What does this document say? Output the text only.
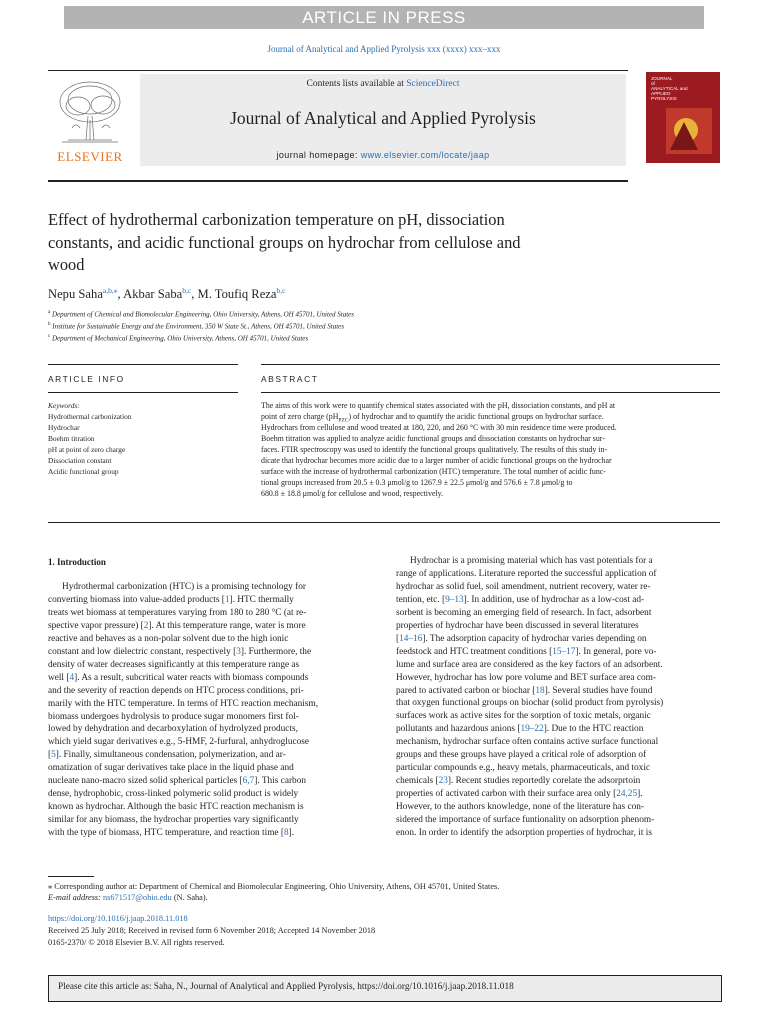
ARTICLE IN PRESS
Journal of Analytical and Applied Pyrolysis xxx (xxxx) xxx–xxx
ELSEVIER
Contents lists available at ScienceDirect
Journal of Analytical and Applied Pyrolysis
journal homepage: www.elsevier.com/locate/jaap
JOURNAL
of
ANALYTICAL and
APPLIED
PYROLYSIS
Effect of hydrothermal carbonization temperature on pH, dissociation
constants, and acidic functional groups on hydrochar from cellulose and
wood
Nepu Saha$^{a,b,⁎}$, Akbar Saba$^{b,c}$, M. Toufiq Reza$^{b,c}$
$^a$ Department of Chemical and Biomolecular Engineering, Ohio University, Athens, OH 45701, United States
$^b$ Institute for Sustainable Energy and the Environment, 350 W State St., Athens, OH 45701, United States
$^c$ Department of Mechanical Engineering, Ohio University, Athens, OH 45701, United States
ARTICLE INFO	ABSTRACT
Keywords:
Hydrothermal carbonization
Hydrochar
Boehm titration
pH at point of zero charge
Dissociation constant
Acidic functional group
The aims of this work were to quantify chemical states associated with the pH, dissociation constants, and pH at
point of zero charge $(pH_{PZC})$ of hydrochar and to quantify the acidic functional groups on hydrochar surface.
Hydrochars from cellulose and wood treated at 180, 220, and 260 °C with 30 min residence time were produced.
Boehm titration was applied to analyze acidic functional groups and dissociation constants on hydrochar sur-
faces. FTIR spectroscopy was used to identify the functional groups qualitatively. The results of this study in-
dicate that hydrochar becomes more acidic due to a larger number of acidic functional groups on the hydrochar
surface with the increase of hydrothermal carbonization (HTC) temperature. The total number of acidic func-
tional groups increased from 20.5 ± 0.3 μmol/g to 1267.9 ± 22.5 μmol/g and 576.6 ± 7.8 μmol/g to
680.8 ± 18.8 μmol/g for cellulose and wood, respectively.
1. Introduction
⁎ Corresponding author at: Department of Chemical and Biomolecular Engineering, Ohio University, Athens, OH 45701, United States.
E-mail address: ns671517@ohio.edu (N. Saha).
https://doi.org/10.1016/j.jaap.2018.11.018
Received 25 July 2018; Received in revised form 6 November 2018; Accepted 14 November 2018
0165-2370/ © 2018 Elsevier B.V. All rights reserved.
Please cite this article as: Saha, N., Journal of Analytical and Applied Pyrolysis, https://doi.org/10.1016/j.jaap.2018.11.018
Hydrothermal carbonization (HTC) is a promising technology for
converting biomass into value-added products [1]. HTC thermally
treats wet biomass at temperatures varying from 180 to 280 °C (at re-
spective vapor pressure) [2]. At this temperature range, water is more
reactive and behaves as a non-polar solvent due to the high ionic
constant and low dielectric constant, respectively [3]. Furthermore, the
density of water decreases significantly at this temperature range as
well [4]. As a result, subcritical water reacts with biomass compounds
and the severity of reaction depends on HTC process conditions, pri-
marily with the HTC temperature. In terms of HTC reaction mechanism,
biomass undergoes hydrolysis to produce sugar monomers first fol-
lowed by dehydration and decarboxylation of hydrolyzed products,
which yield sugar derivatives e.g., 5-HMF, 2-furfural, anhydroglucose
[5]. Finally, simultaneous condensation, polymerization, and ar-
omatization of sugar derivatives take place in the liquid phase and
nucleate nano-macro sized solid spherical particles [6,7]. This carbon
dense, hydrophobic, cross-linked polymeric solid product is widely
known as hydrochar. Although the basic HTC reaction mechanism is
similar for any biomass, the hydrochar properties vary significantly
with the type of biomass, HTC temperature, and reaction time [8].
Hydrochar is a promising material which has vast potentials for a
range of applications. Literature reported the successful application of
hydrochar as solid fuel, soil amendment, nutrient recovery, water re-
tention, etc. [9–13]. In addition, use of hydrochar as a low-cost ad-
sorbent is becoming an emerging field of research. In fact, adsorbent
properties of hydrochar have been discussed in several literatures
[14–16]. The adsorption capacity of hydrochar varies depending on
feedstock and HTC treatment conditions [15–17]. In general, pore vo-
lume and surface area are considered as the key factors of an adsorbent.
However, hydrochar has low pore volume and BET surface area com-
pared to activated carbon or biochar [18]. Several studies have found
that oxygen functional groups on biochar (solid product from pyrolysis)
surfaces work as active sites for the sorption of toxic metals, organic
pollutants and hazardous anions [19–22]. Due to the HTC reaction
mechanism, hydrochar surface often contains active surface functional
groups and these groups have played a critical role of adsorption of
particular compounds e.g., heavy metals, pharmaceuticals, and toxic
chemicals [23]. Recent studies reportedly corelate the adsorprtoin
properties of activated carbon with their surface area only [24,25].
However, to the authors knowledge, none of the literature has con-
sidered the importance of surface funtionality on adsorption phenom-
enon. In order to identify the adsorption properties of hydrochar, it is
